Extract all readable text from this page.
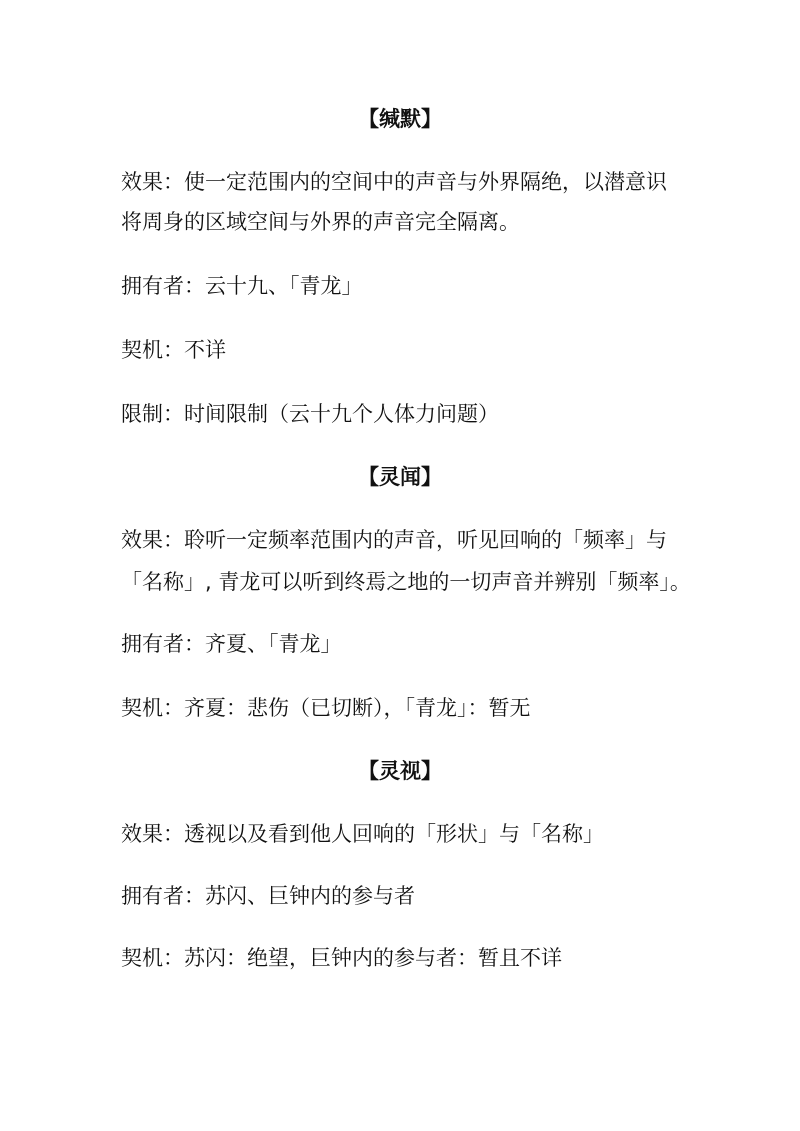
【缄默】
效果：使一定范围内的空间中的声音与外界隔绝，以潜意识
将周身的区域空间与外界的声音完全隔离。
拥有者：云十九、「青龙」
契机：不详
限制：时间限制（云十九个人体力问题）
【灵闻】
效果：聆听一定频率范围内的声音，听见回响的「频率」与
「名称」, 青龙可以听到终焉之地的一切声音并辨别「频率」。
拥有者：齐夏、「青龙」
契机：齐夏：悲伤（已切断），「青龙」：暂无
【灵视】
效果：透视以及看到他人回响的「形状」与「名称」
拥有者：苏闪、巨钟内的参与者
契机：苏闪：绝望，巨钟内的参与者：暂且不详
